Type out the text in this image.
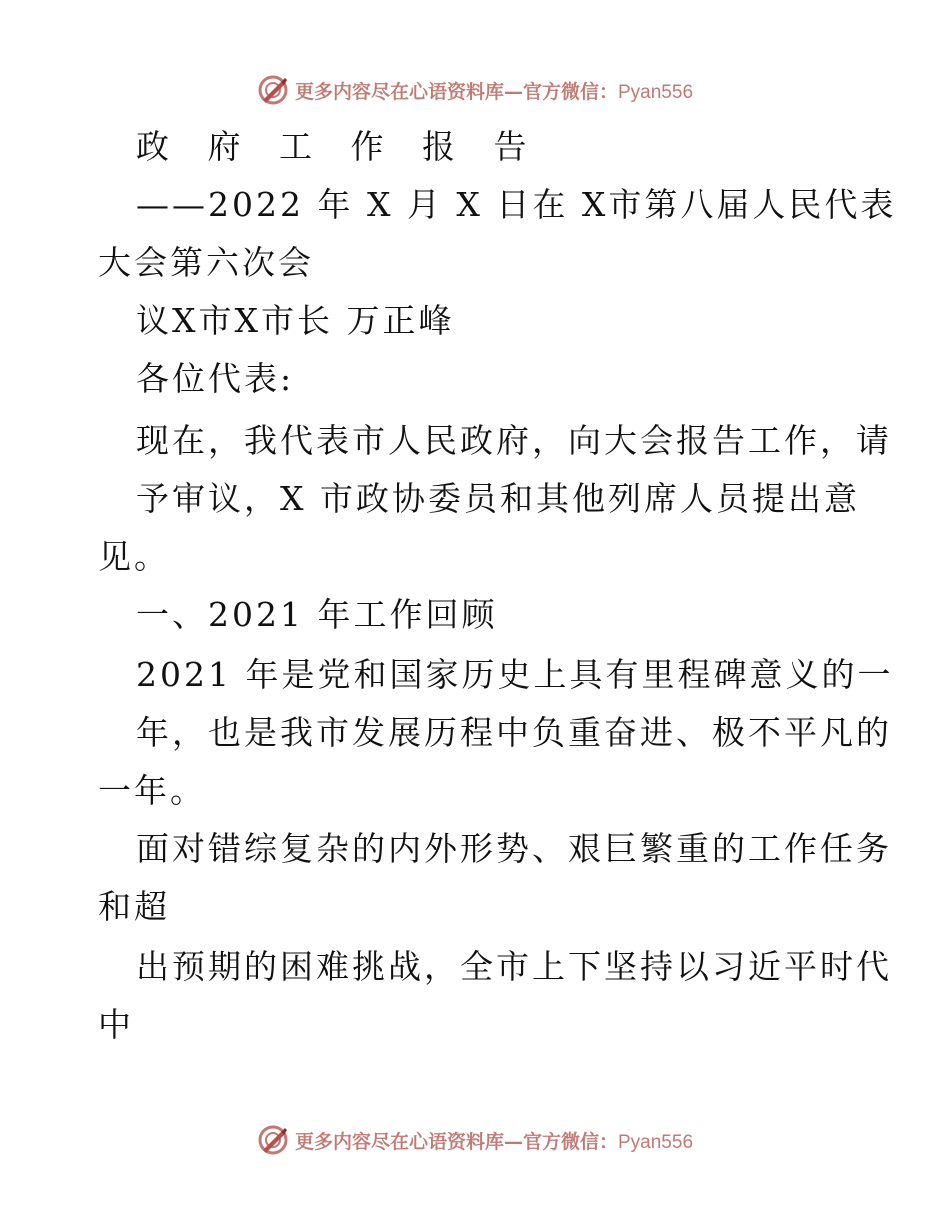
更多内容尽在心语资料库—官方微信：Pyan556
政 府 工 作 报 告
——2022 年 X 月 X 日在 X市第八届人民代表
大会第六次会
议X市X市长 万正峰
各位代表:
现在，我代表市人民政府，向大会报告工作，请
予审议，X 市政协委员和其他列席人员提出意
见。
一、2021 年工作回顾
2021 年是党和国家历史上具有里程碑意义的一
年，也是我市发展历程中负重奋进、极不平凡的
一年。
面对错综复杂的内外形势、艰巨繁重的工作任务
和超
出预期的困难挑战，全市上下坚持以习近平时代
中
更多内容尽在心语资料库—官方微信：Pyan556
